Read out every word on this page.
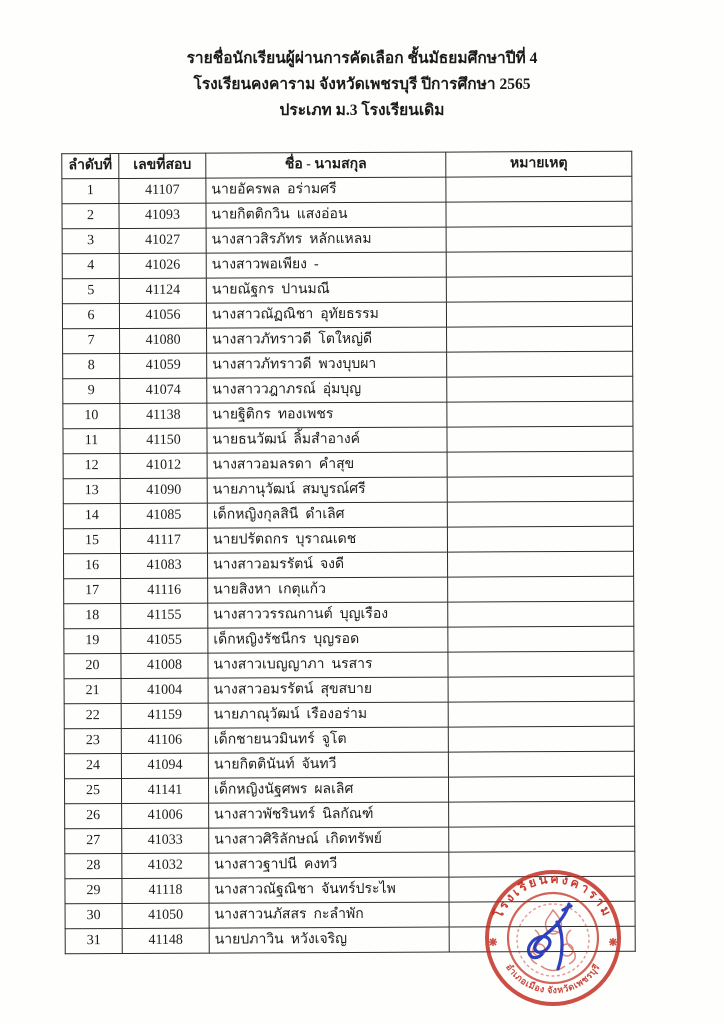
รายชื่อนักเรียนผู้ผ่านการคัดเลือก ชั้นมัธยมศึกษาปีที่ 4
โรงเรียนคงคาราม จังหวัดเพชรบุรี ปีการศึกษา 2565
ประเภท ม.3 โรงเรียนเดิม
ลำดับที่	เลขที่สอบ	ชื่อ - นามสกุล	หมายเหตุ
1	41107	นายอัครพล  อร่ามศรี	
2	41093	นายกิตติกวิน  แสงอ่อน	
3	41027	นางสาวสิรภัทร  หลักแหลม	
4	41026	นางสาวพอเพียง  -	
5	41124	นายณัฐกร  ปานมณี	
6	41056	นางสาวณัฏณิชา  อุทัยธรรม	
7	41080	นางสาวภัทราวดี  โตใหญ่ดี	
8	41059	นางสาวภัทราวดี  พวงบุบผา	
9	41074	นางสาววฎาภรณ์  อุ่มบุญ	
10	41138	นายฐิติกร  ทองเพชร	
11	41150	นายธนวัฒน์  ลิ้มสำอางค์	
12	41012	นางสาวอมลรดา  คำสุข	
13	41090	นายภานุวัฒน์  สมบูรณ์ศรี	
14	41085	เด็กหญิงกุลสินี  ดำเลิศ	
15	41117	นายปรัตถกร  บุราณเดช	
16	41083	นางสาวอมรรัตน์  จงดี	
17	41116	นายสิงหา  เกตุแก้ว	
18	41155	นางสาววรรณกานต์  บุญเรือง	
19	41055	เด็กหญิงรัชนีกร  บุญรอด	
20	41008	นางสาวเบญญาภา  นรสาร	
21	41004	นางสาวอมรรัตน์  สุขสบาย	
22	41159	นายภาณุวัฒน์  เรืองอร่าม	
23	41106	เด็กชายนวมินทร์  จูโต	
24	41094	นายกิตตินันท์  จันทวี	
25	41141	เด็กหญิงนัฐศพร  ผลเลิศ	
26	41006	นางสาวพัชรินทร์  นิลกัณฑ์	
27	41033	นางสาวศิริลักษณ์  เกิดทรัพย์	
28	41032	นางสาวฐาปนี  คงทวี	
29	41118	นางสาวณัฐณิชา  จันทร์ประไพ	
30	41050	นางสาวนภัสสร  กะลำพัก	
31	41148	นายปภาวิน  หวังเจริญ	
โรงเรียนคงคาราม
อำเภอเมือง จังหวัดเพชรบุรี
